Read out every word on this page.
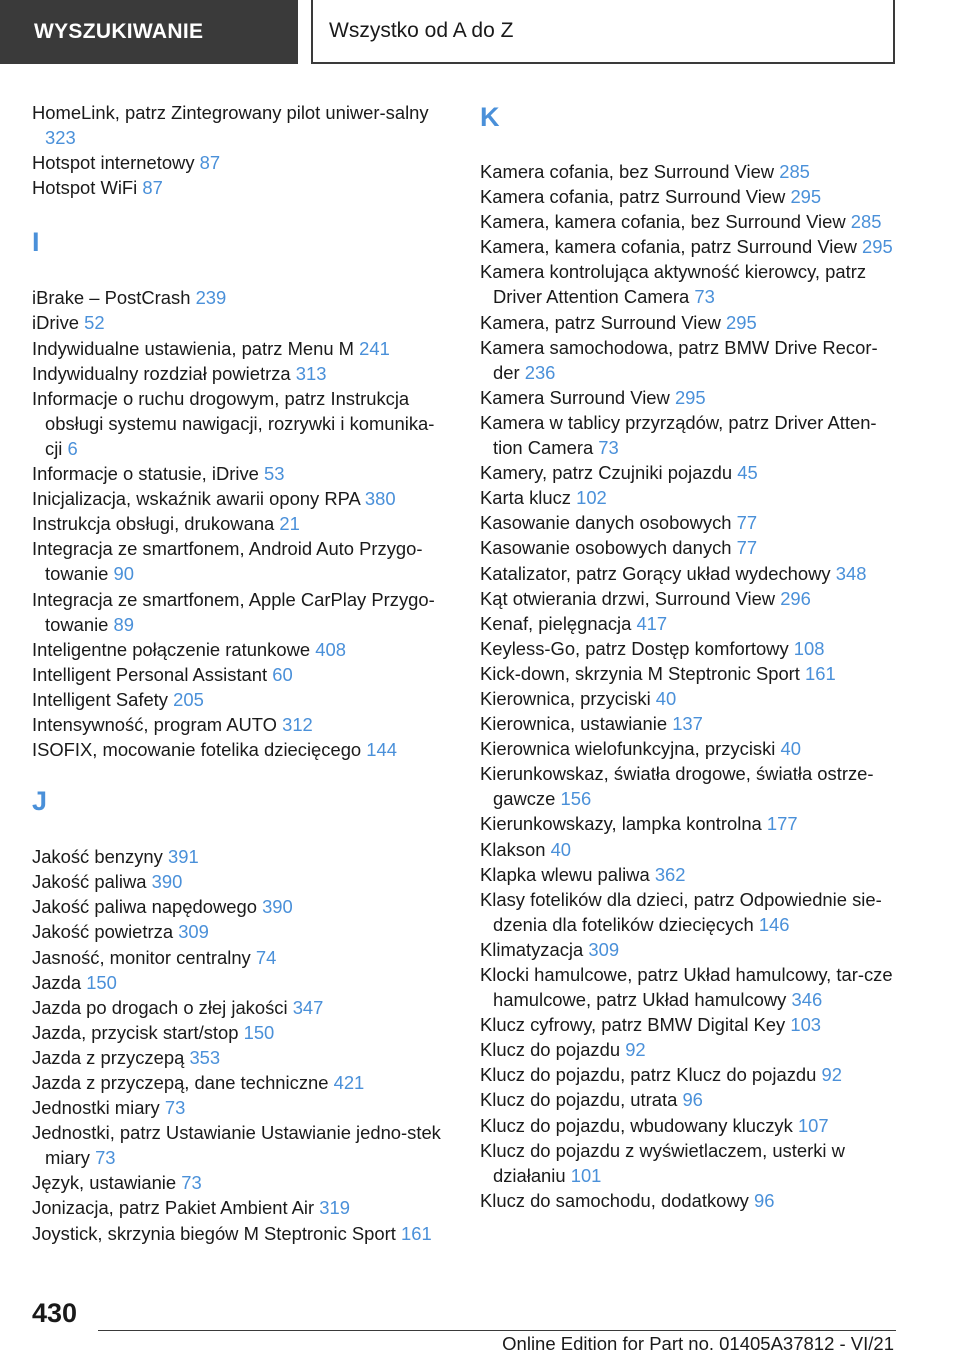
WYSZUKIWANIE	Wszystko od A do Z
HomeLink, patrz Zintegrowany pilot uniwer‐salny 323
Hotspot internetowy 87
Hotspot WiFi 87
I
iBrake – PostCrash 239
iDrive 52
Indywidualne ustawienia, patrz Menu M 241
Indywidualny rozdział powietrza 313
Informacje o ruchu drogowym, patrz Instrukcja obsługi systemu nawigacji, rozrywki i komunika‐cji 6
Informacje o statusie, iDrive 53
Inicjalizacja, wskaźnik awarii opony RPA 380
Instrukcja obsługi, drukowana 21
Integracja ze smartfonem, Android Auto Przygo‐towanie 90
Integracja ze smartfonem, Apple CarPlay Przygo‐towanie 89
Inteligentne połączenie ratunkowe 408
Intelligent Personal Assistant 60
Intelligent Safety 205
Intensywność, program AUTO 312
ISOFIX, mocowanie fotelika dziecięcego 144
J
Jakość benzyny 391
Jakość paliwa 390
Jakość paliwa napędowego 390
Jakość powietrza 309
Jasność, monitor centralny 74
Jazda 150
Jazda po drogach o złej jakości 347
Jazda, przycisk start/stop 150
Jazda z przyczepą 353
Jazda z przyczepą, dane techniczne 421
Jednostki miary 73
Jednostki, patrz Ustawianie Ustawianie jedno‐stek miary 73
Język, ustawianie 73
Jonizacja, patrz Pakiet Ambient Air 319
Joystick, skrzynia biegów M Steptronic Sport 161
K
Kamera cofania, bez Surround View 285
Kamera cofania, patrz Surround View 295
Kamera, kamera cofania, bez Surround View 285
Kamera, kamera cofania, patrz Surround View 295
Kamera kontrolująca aktywność kierowcy, patrz Driver Attention Camera 73
Kamera, patrz Surround View 295
Kamera samochodowa, patrz BMW Drive Recor‐der 236
Kamera Surround View 295
Kamera w tablicy przyrządów, patrz Driver Atten‐tion Camera 73
Kamery, patrz Czujniki pojazdu 45
Karta klucz 102
Kasowanie danych osobowych 77
Kasowanie osobowych danych 77
Katalizator, patrz Gorący układ wydechowy 348
Kąt otwierania drzwi, Surround View 296
Kenaf, pielęgnacja 417
Keyless-Go, patrz Dostęp komfortowy 108
Kick-down, skrzynia M Steptronic Sport 161
Kierownica, przyciski 40
Kierownica, ustawianie 137
Kierownica wielofunkcyjna, przyciski 40
Kierunkowskaz, światła drogowe, światła ostrze‐gawcze 156
Kierunkowskazy, lampka kontrolna 177
Klakson 40
Klapka wlewu paliwa 362
Klasy fotelików dla dzieci, patrz Odpowiednie sie‐dzenia dla fotelików dziecięcych 146
Klimatyzacja 309
Klocki hamulcowe, patrz Układ hamulcowy, tar‐cze hamulcowe, patrz Układ hamulcowy 346
Klucz cyfrowy, patrz BMW Digital Key 103
Klucz do pojazdu 92
Klucz do pojazdu, patrz Klucz do pojazdu 92
Klucz do pojazdu, utrata 96
Klucz do pojazdu, wbudowany kluczyk 107
Klucz do pojazdu z wyświetlaczem, usterki w działaniu 101
Klucz do samochodu, dodatkowy 96
430
Online Edition for Part no. 01405A37812 - VI/21
